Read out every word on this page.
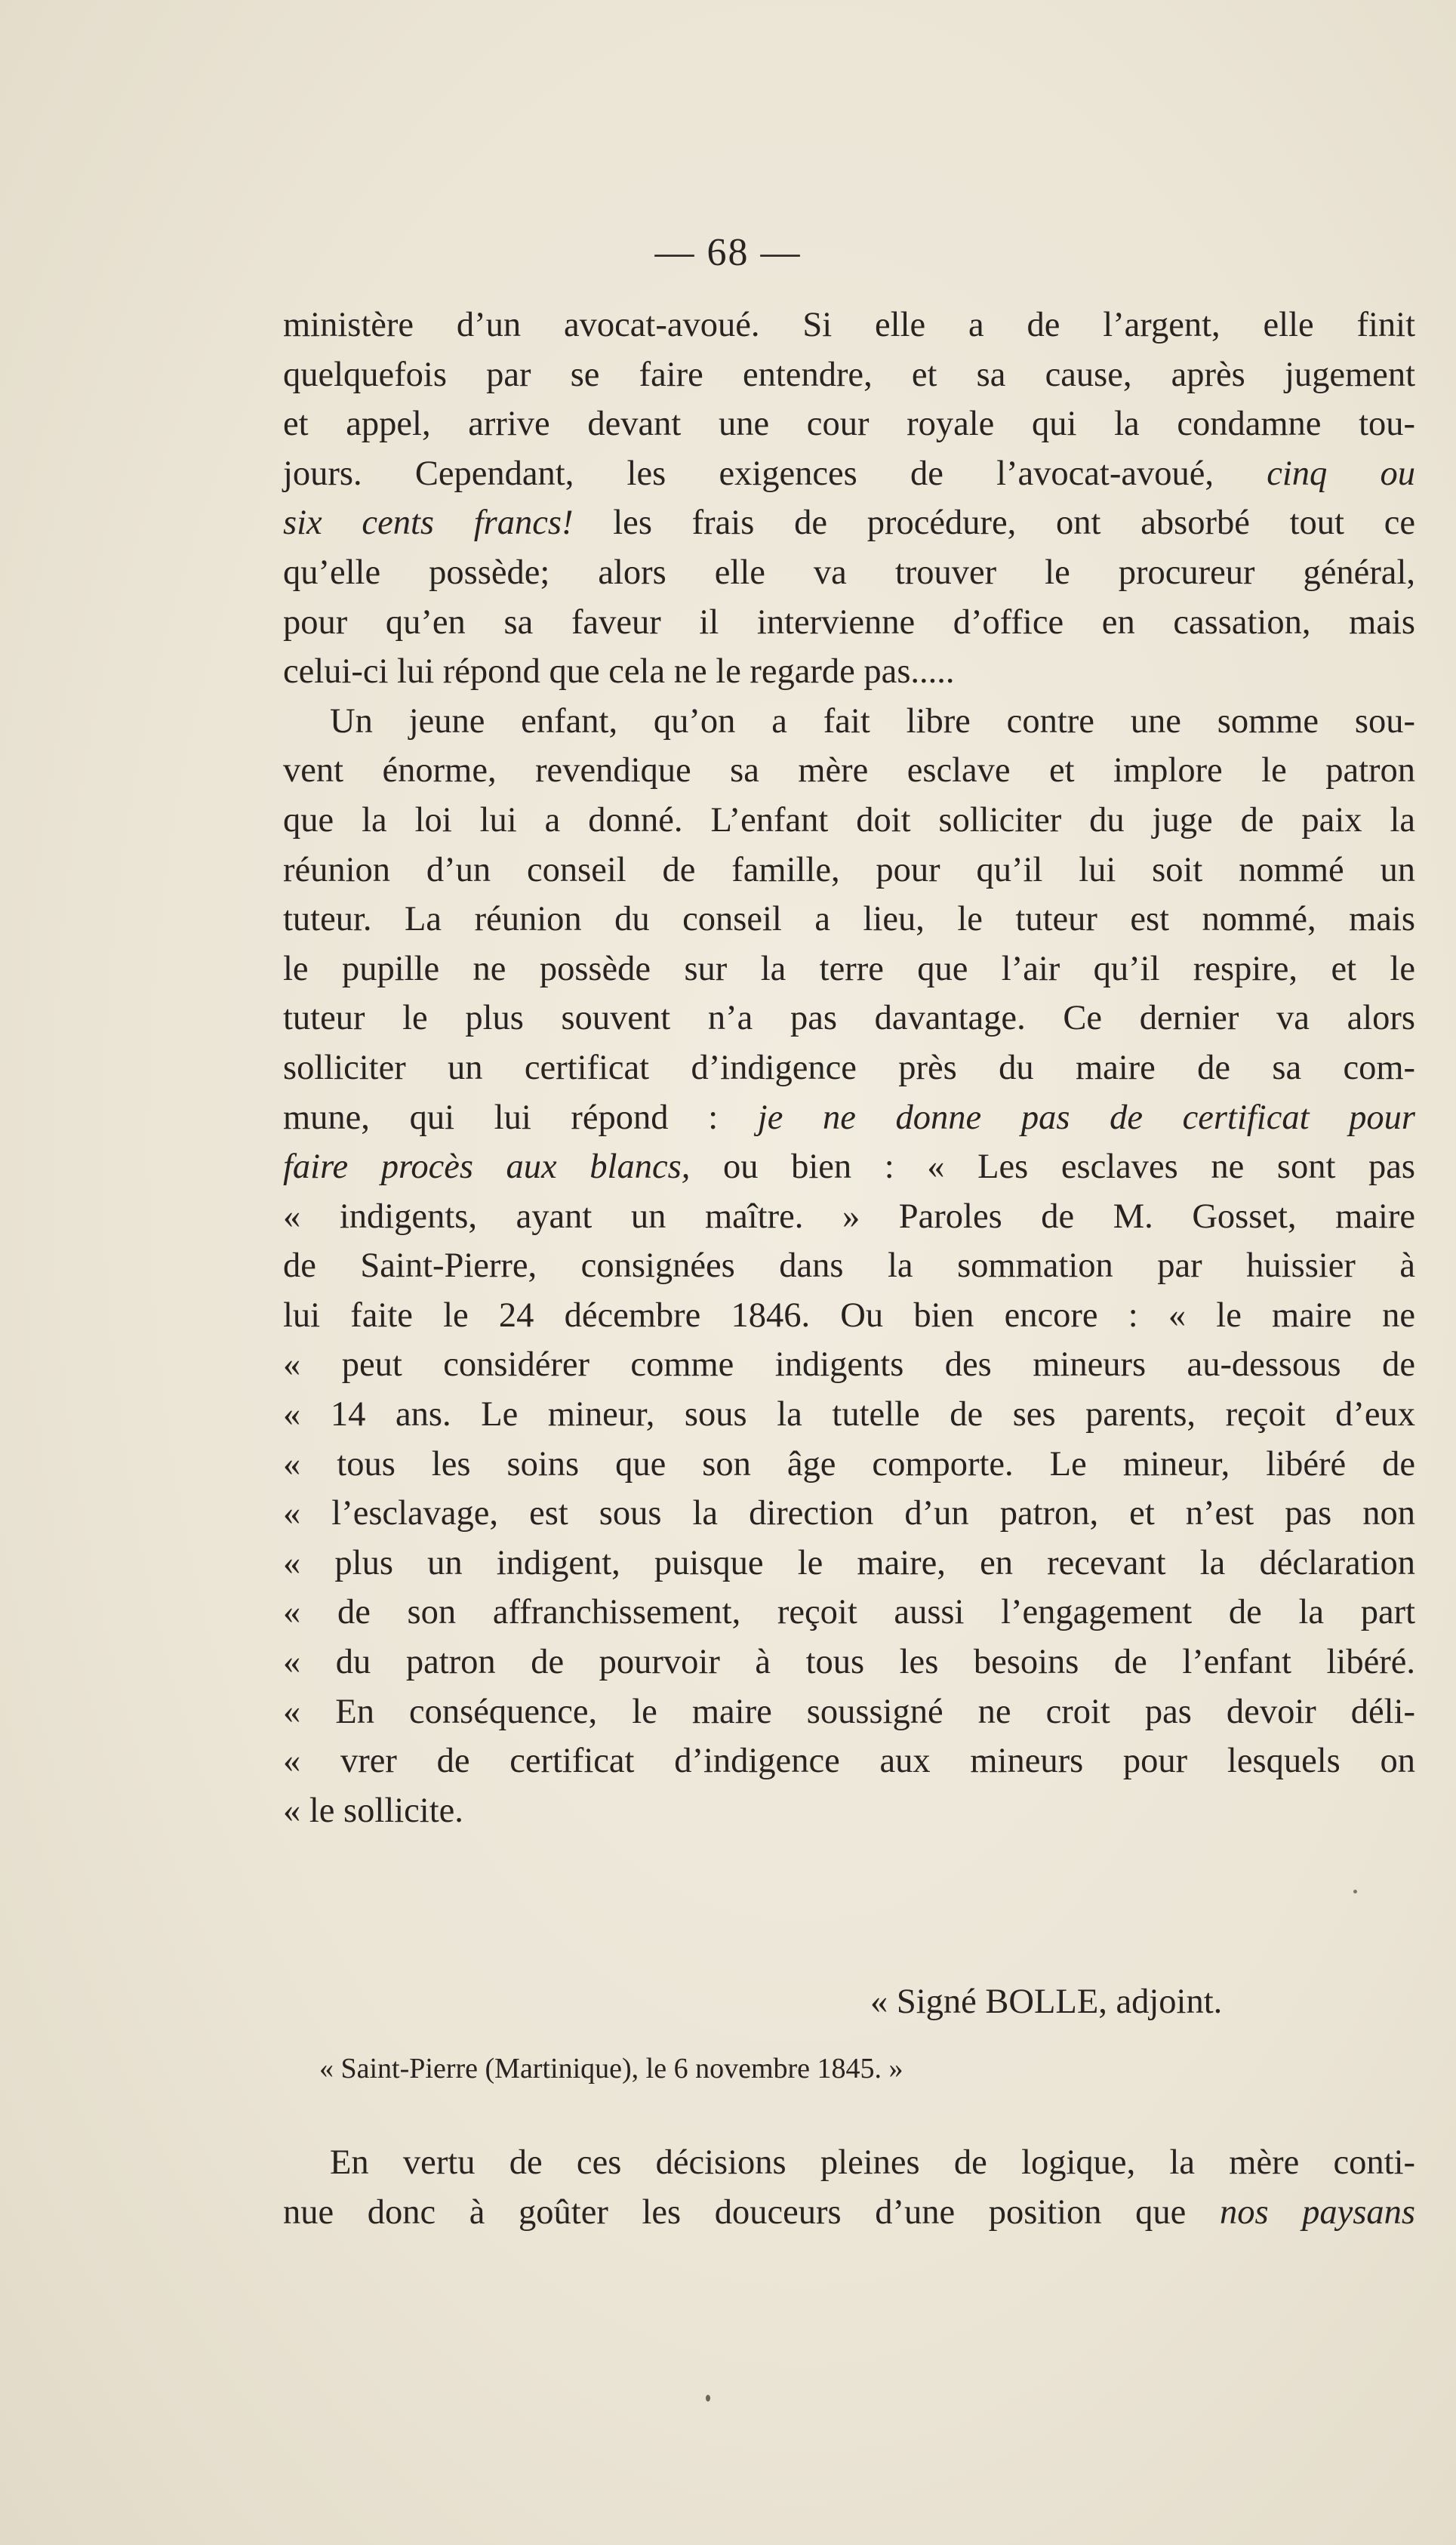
— 68 —
ministère d’un avocat-avoué. Si elle a de l’argent, elle finit
quelquefois par se faire entendre, et sa cause, après jugement
et appel, arrive devant une cour royale qui la condamne tou-
jours. Cependant, les exigences de l’avocat-avoué, cinq ou
six cents francs! les frais de procédure, ont absorbé tout ce
qu’elle possède; alors elle va trouver le procureur général,
pour qu’en sa faveur il intervienne d’office en cassation, mais
celui-ci lui répond que cela ne le regarde pas.....
Un jeune enfant, qu’on a fait libre contre une somme sou-
vent énorme, revendique sa mère esclave et implore le patron
que la loi lui a donné. L’enfant doit solliciter du juge de paix la
réunion d’un conseil de famille, pour qu’il lui soit nommé un
tuteur. La réunion du conseil a lieu, le tuteur est nommé, mais
le pupille ne possède sur la terre que l’air qu’il respire, et le
tuteur le plus souvent n’a pas davantage. Ce dernier va alors
solliciter un certificat d’indigence près du maire de sa com-
mune, qui lui répond : je ne donne pas de certificat pour
faire procès aux blancs, ou bien : « Les esclaves ne sont pas
« indigents, ayant un maître. » Paroles de M. Gosset, maire
de Saint-Pierre, consignées dans la sommation par huissier à
lui faite le 24 décembre 1846. Ou bien encore : « le maire ne
« peut considérer comme indigents des mineurs au-dessous de
« 14 ans. Le mineur, sous la tutelle de ses parents, reçoit d’eux
« tous les soins que son âge comporte. Le mineur, libéré de
« l’esclavage, est sous la direction d’un patron, et n’est pas non
« plus un indigent, puisque le maire, en recevant la déclaration
« de son affranchissement, reçoit aussi l’engagement de la part
« du patron de pourvoir à tous les besoins de l’enfant libéré.
« En conséquence, le maire soussigné ne croit pas devoir déli-
« vrer de certificat d’indigence aux mineurs pour lesquels on
« le sollicite.
« Signé BOLLE, adjoint.
« Saint-Pierre (Martinique), le 6 novembre 1845. »
En vertu de ces décisions pleines de logique, la mère conti-
nue donc à goûter les douceurs d’une position que nos paysans
